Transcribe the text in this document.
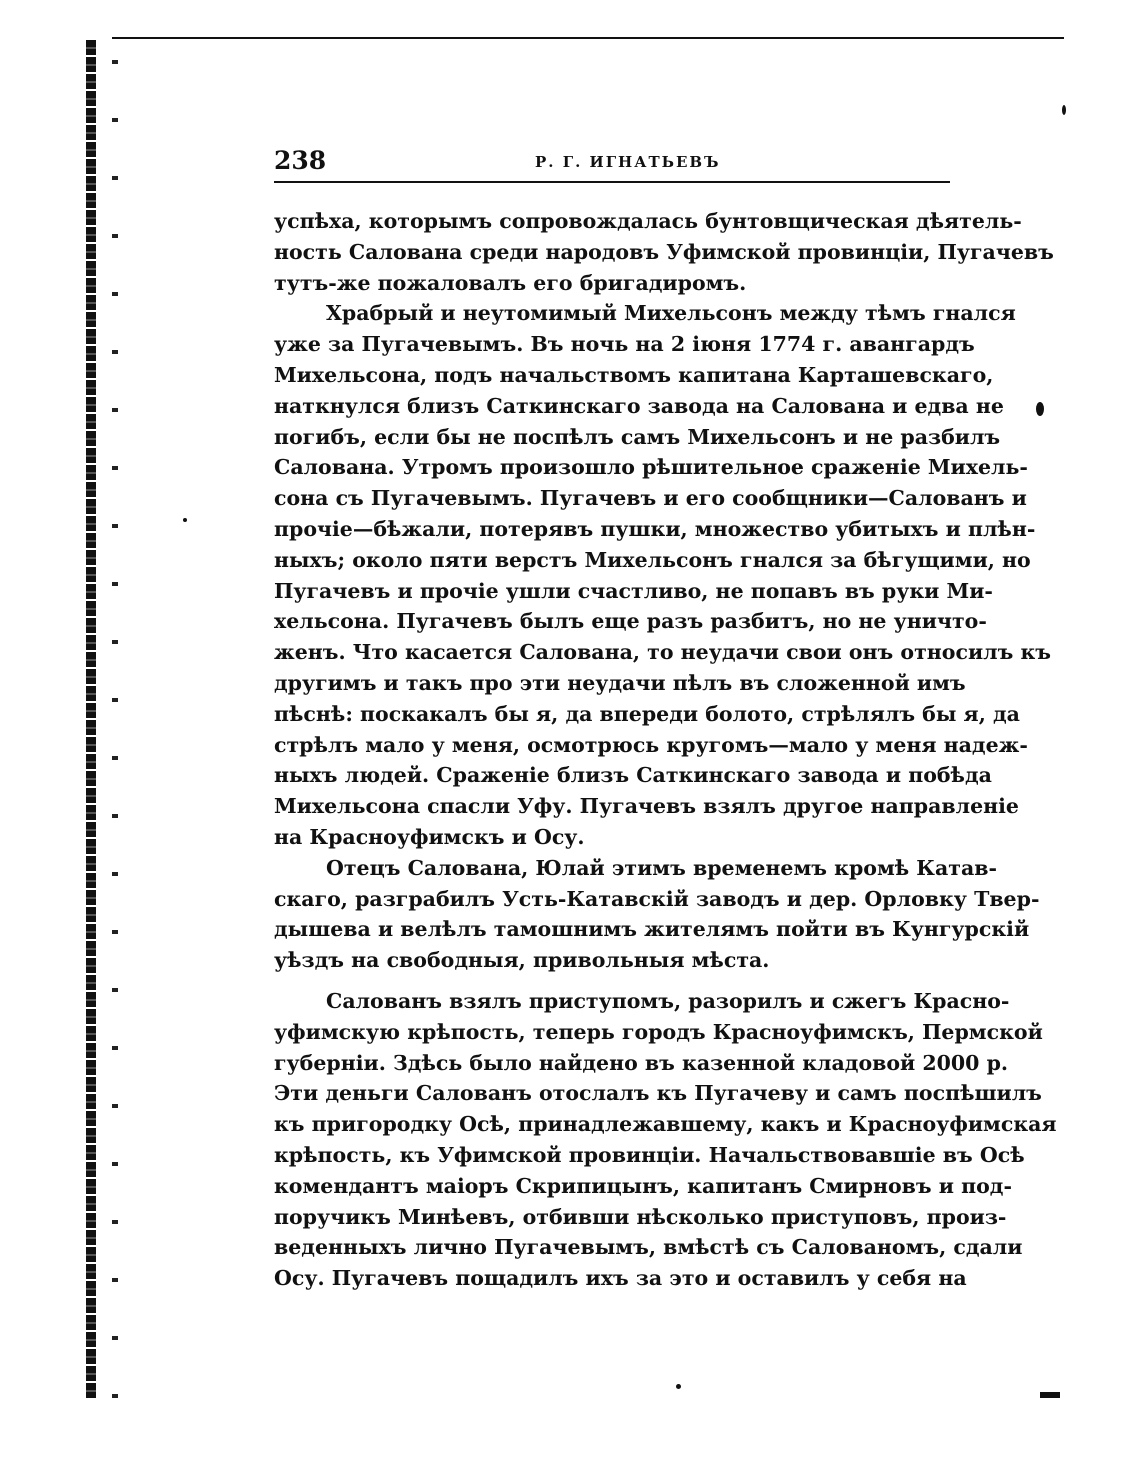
238	Р. Г. ИГНАТЬЕВЪ
успѣха, которымъ сопровождалась бунтовщическая дѣятель-
ность Салована среди народовъ Уфимской провинціи, Пугачевъ
тутъ-же пожаловалъ его бригадиромъ.
Храбрый и неутомимый Михельсонъ между тѣмъ гнался
уже за Пугачевымъ. Въ ночь на 2 іюня 1774 г. авангардъ
Михельсона, подъ начальствомъ капитана Карташевскаго,
наткнулся близъ Саткинскаго завода на Салована и едва не
погибъ, если бы не поспѣлъ самъ Михельсонъ и не разбилъ
Салована. Утромъ произошло рѣшительное сраженіе Михель-
сона съ Пугачевымъ. Пугачевъ и его сообщники—Салованъ и
прочіе—бѣжали, потерявъ пушки, множество убитыхъ и плѣн-
ныхъ; около пяти верстъ Михельсонъ гнался за бѣгущими, но
Пугачевъ и прочіе ушли счастливо, не попавъ въ руки Ми-
хельсона. Пугачевъ былъ еще разъ разбитъ, но не уничто-
женъ. Что касается Салована, то неудачи свои онъ относилъ къ
другимъ и такъ про эти неудачи пѣлъ въ сложенной имъ
пѣснѣ: поскакалъ бы я, да впереди болото, стрѣлялъ бы я, да
стрѣлъ мало у меня, осмотрюсь кругомъ—мало у меня надеж-
ныхъ людей. Сраженіе близъ Саткинскаго завода и побѣда
Михельсона спасли Уфу. Пугачевъ взялъ другое направленіе
на Красноуфимскъ и Осу.
Отецъ Салована, Юлай этимъ временемъ кромѣ Катав-
скаго, разграбилъ Усть-Катавскій заводъ и дер. Орловку Твер-
дышева и велѣлъ тамошнимъ жителямъ пойти въ Кунгурскій
уѣздъ на свободныя, привольныя мѣста.
Салованъ взялъ приступомъ, разорилъ и сжегъ Красно-
уфимскую крѣпость, теперь городъ Красноуфимскъ, Пермской
губерніи. Здѣсь было найдено въ казенной кладовой 2000 р.
Эти деньги Салованъ отослалъ къ Пугачеву и самъ поспѣшилъ
къ пригородку Осѣ, принадлежавшему, какъ и Красноуфимская
крѣпость, къ Уфимской провинціи. Начальствовавшіе въ Осѣ
комендантъ маіоръ Скрипицынъ, капитанъ Смирновъ и под-
поручикъ Минѣевъ, отбивши нѣсколько приступовъ, произ-
веденныхъ лично Пугачевымъ, вмѣстѣ съ Салованомъ, сдали
Осу. Пугачевъ пощадилъ ихъ за это и оставилъ у себя на
